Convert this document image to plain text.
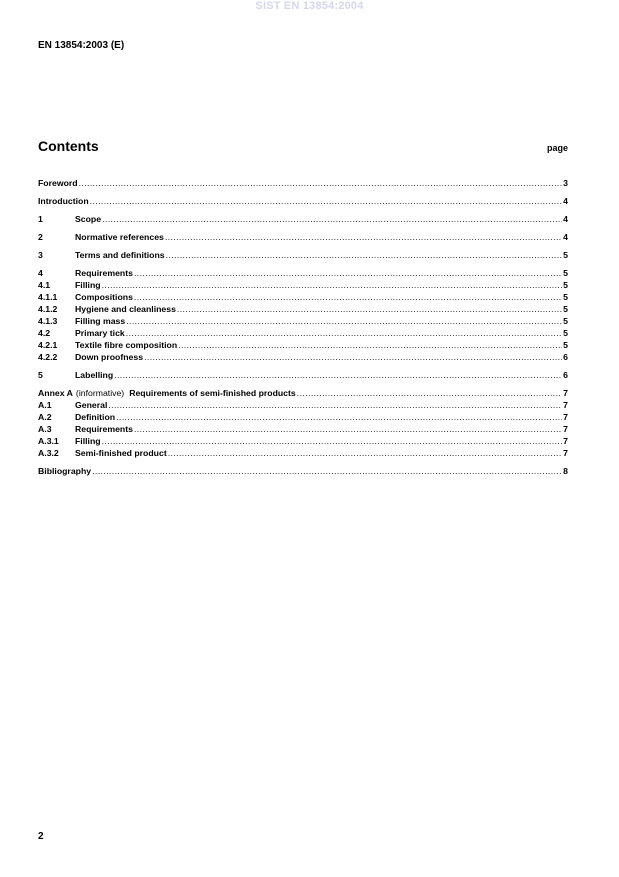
SIST EN 13854:2004
EN 13854:2003 (E)
Contents	page
Foreword .....	3
Introduction .....	4
1	Scope .....	4
2	Normative references .....	4
3	Terms and definitions .....	5
4	Requirements .....	5
4.1	Filling .....	5
4.1.1	Compositions .....	5
4.1.2	Hygiene and cleanliness .....	5
4.1.3	Filling mass .....	5
4.2	Primary tick .....	5
4.2.1	Textile fibre composition .....	5
4.2.2	Down proofness .....	6
5	Labelling .....	6
Annex A (informative) Requirements of semi-finished products .....	7
A.1	General .....	7
A.2	Definition .....	7
A.3	Requirements .....	7
A.3.1	Filling .....	7
A.3.2	Semi-finished product .....	7
Bibliography .....	8
2
